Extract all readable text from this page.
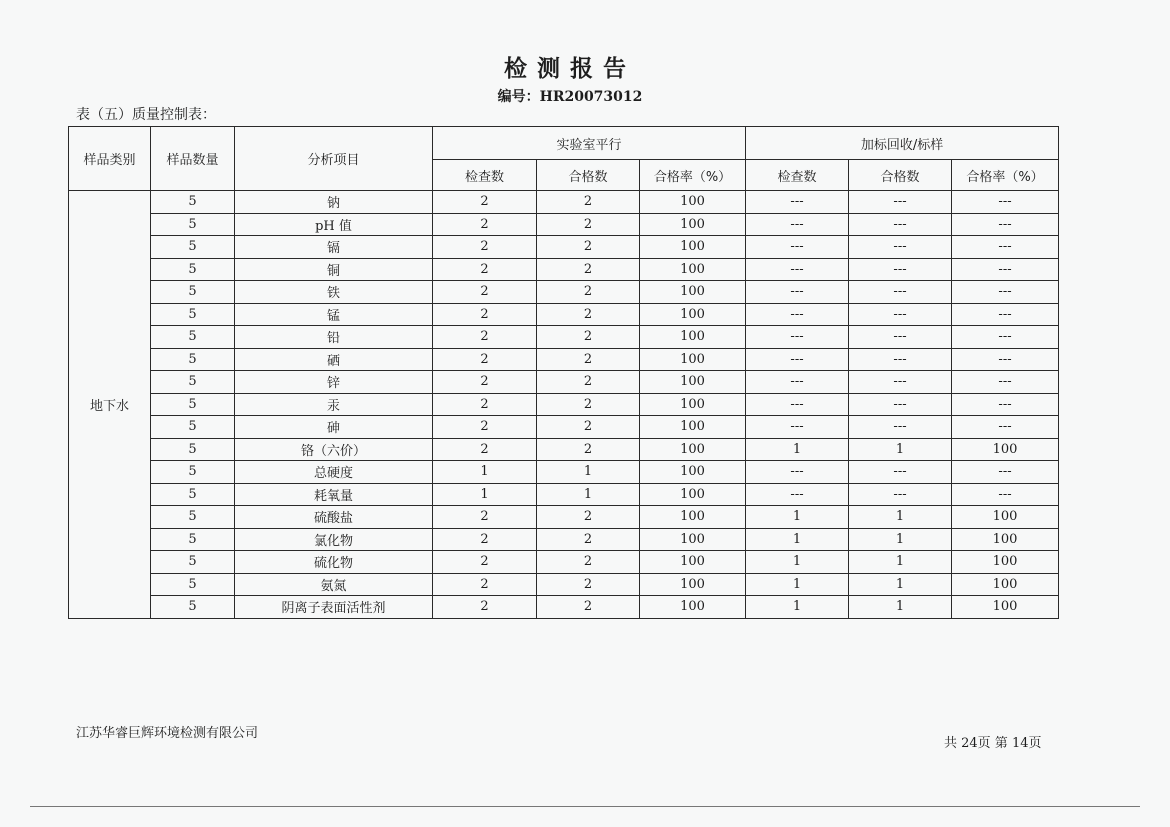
检测报告
编号：HR20073012
表（五）质量控制表：
样品类别	样品数量	分析项目	实验室平行			加标回收/标样		
			检查数	合格数	合格率（%）	检查数	合格数	合格率（%）
地下水	5	钠	2	2	100	---	---	---
	5	pH 值	2	2	100	---	---	---
	5	镉	2	2	100	---	---	---
	5	铜	2	2	100	---	---	---
	5	铁	2	2	100	---	---	---
	5	锰	2	2	100	---	---	---
	5	铅	2	2	100	---	---	---
	5	硒	2	2	100	---	---	---
	5	锌	2	2	100	---	---	---
	5	汞	2	2	100	---	---	---
	5	砷	2	2	100	---	---	---
	5	铬（六价）	2	2	100	1	1	100
	5	总硬度	1	1	100	---	---	---
	5	耗氧量	1	1	100	---	---	---
	5	硫酸盐	2	2	100	1	1	100
	5	氯化物	2	2	100	1	1	100
	5	硫化物	2	2	100	1	1	100
	5	氨氮	2	2	100	1	1	100
	5	阴离子表面活性剂	2	2	100	1	1	100
江苏华睿巨辉环境检测有限公司
共 24页 第 14页
